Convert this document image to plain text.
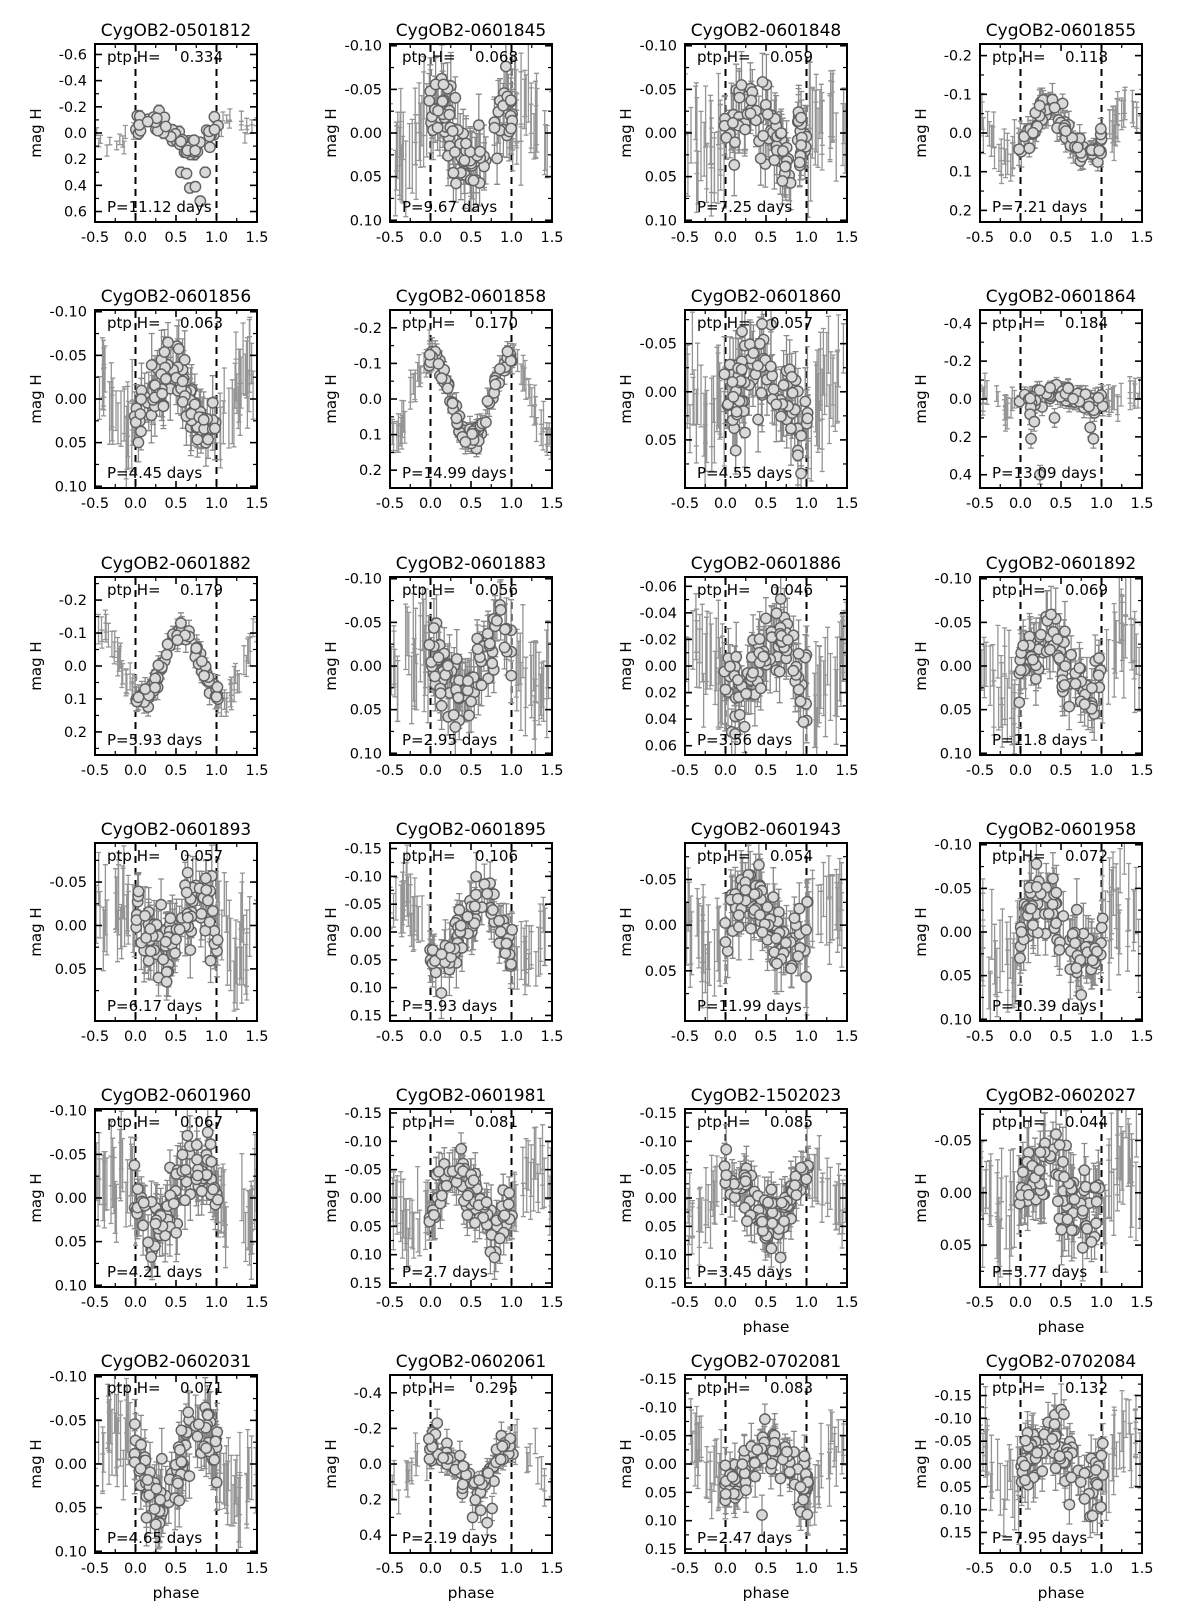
CygOB2-0501812
mag H
-0.6
-0.4
-0.2
0.0
0.2
0.4
0.6
-0.5 0.0 0.5 1.0 1.5
ptp H= 0.334
P=11.12 days
CygOB2-0601845
mag H
-0.10
-0.05
0.00
0.05
0.10
-0.5 0.0 0.5 1.0 1.5
ptp H= 0.068
P=9.67 days
CygOB2-0601848
mag H
-0.10
-0.05
0.00
0.05
0.10
-0.5 0.0 0.5 1.0 1.5
ptp H= 0.059
P=7.25 days
CygOB2-0601855
mag H
-0.2
-0.1
0.0
0.1
0.2
-0.5 0.0 0.5 1.0 1.5
ptp H= 0.118
P=7.21 days
CygOB2-0601856
mag H
-0.10
-0.05
0.00
0.05
0.10
-0.5 0.0 0.5 1.0 1.5
ptp H= 0.063
P=4.45 days
CygOB2-0601858
mag H
-0.2
-0.1
0.0
0.1
0.2
-0.5 0.0 0.5 1.0 1.5
ptp H= 0.170
P=14.99 days
CygOB2-0601860
mag H
-0.05
0.00
0.05
-0.5 0.0 0.5 1.0 1.5
ptp H= 0.057
P=4.55 days
CygOB2-0601864
mag H
-0.4
-0.2
0.0
0.2
0.4
-0.5 0.0 0.5 1.0 1.5
ptp H= 0.184
P=13.09 days
CygOB2-0601882
mag H
-0.2
-0.1
0.0
0.1
0.2
-0.5 0.0 0.5 1.0 1.5
ptp H= 0.179
P=5.93 days
CygOB2-0601883
mag H
-0.10
-0.05
0.00
0.05
0.10
-0.5 0.0 0.5 1.0 1.5
ptp H= 0.056
P=2.95 days
CygOB2-0601886
mag H
-0.06
-0.04
-0.02
0.00
0.02
0.04
0.06
-0.5 0.0 0.5 1.0 1.5
ptp H= 0.046
P=3.56 days
CygOB2-0601892
mag H
-0.10
-0.05
0.00
0.05
0.10
-0.5 0.0 0.5 1.0 1.5
ptp H= 0.069
P=11.8 days
CygOB2-0601893
mag H
-0.05
0.00
0.05
-0.5 0.0 0.5 1.0 1.5
ptp H= 0.057
P=6.17 days
CygOB2-0601895
mag H
-0.15
-0.10
-0.05
0.00
0.05
0.10
0.15
-0.5 0.0 0.5 1.0 1.5
ptp H= 0.106
P=5.93 days
CygOB2-0601943
mag H
-0.05
0.00
0.05
-0.5 0.0 0.5 1.0 1.5
ptp H= 0.054
P=11.99 days
CygOB2-0601958
mag H
-0.10
-0.05
0.00
0.05
0.10
-0.5 0.0 0.5 1.0 1.5
ptp H= 0.072
P=10.39 days
CygOB2-0601960
mag H
-0.10
-0.05
0.00
0.05
0.10
-0.5 0.0 0.5 1.0 1.5
ptp H= 0.067
P=4.21 days
CygOB2-0601981
mag H
-0.15
-0.10
-0.05
0.00
0.05
0.10
0.15
-0.5 0.0 0.5 1.0 1.5
ptp H= 0.081
P=2.7 days
CygOB2-1502023
mag H
-0.15
-0.10
-0.05
0.00
0.05
0.10
0.15
-0.5 0.0 0.5 1.0 1.5
ptp H= 0.085
P=3.45 days
phase
CygOB2-0602027
mag H
-0.05
0.00
0.05
-0.5 0.0 0.5 1.0 1.5
ptp H= 0.044
P=5.77 days
phase
CygOB2-0602031
mag H
-0.10
-0.05
0.00
0.05
0.10
-0.5 0.0 0.5 1.0 1.5
ptp H= 0.071
P=4.65 days
phase
CygOB2-0602061
mag H
-0.4
-0.2
0.0
0.2
0.4
-0.5 0.0 0.5 1.0 1.5
ptp H= 0.295
P=2.19 days
phase
CygOB2-0702081
mag H
-0.15
-0.10
-0.05
0.00
0.05
0.10
0.15
-0.5 0.0 0.5 1.0 1.5
ptp H= 0.083
P=2.47 days
phase
CygOB2-0702084
mag H
-0.15
-0.10
-0.05
0.00
0.05
0.10
0.15
-0.5 0.0 0.5 1.0 1.5
ptp H= 0.132
P=7.95 days
phase
